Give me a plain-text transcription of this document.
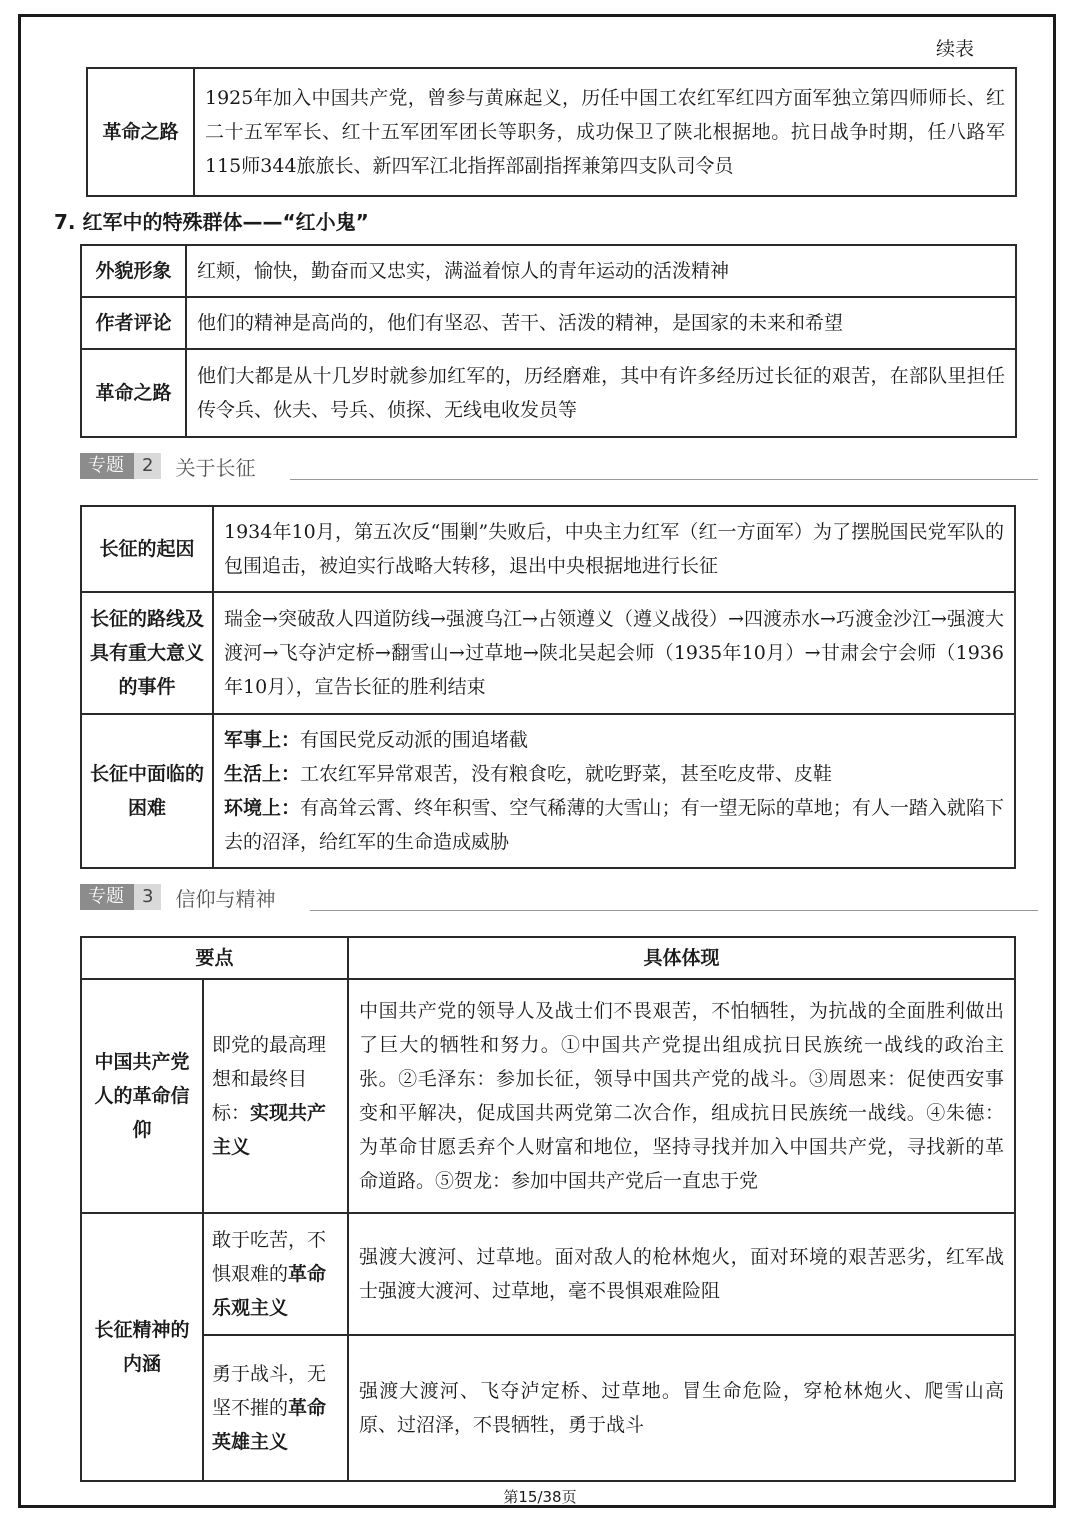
续表
革命之路	1925年加入中国共产党，曾参与黄麻起义，历任中国工农红军红四方面军独立第四师师长、红二十五军军长、红十五军团军团长等职务，成功保卫了陕北根据地。抗日战争时期，任八路军115师344旅旅长、新四军江北指挥部副指挥兼第四支队司令员
7. 红军中的特殊群体——“红小鬼”
外貌形象	红颊，愉快，勤奋而又忠实，满溢着惊人的青年运动的活泼精神
作者评论	他们的精神是高尚的，他们有坚忍、苦干、活泼的精神，是国家的未来和希望
革命之路	他们大都是从十几岁时就参加红军的，历经磨难，其中有许多经历过长征的艰苦，在部队里担任传令兵、伙夫、号兵、侦探、无线电收发员等
专题	2	关于长征
长征的起因	1934年10月，第五次反“围剿”失败后，中央主力红军（红一方面军）为了摆脱国民党军队的包围追击，被迫实行战略大转移，退出中央根据地进行长征
长征的路线及具有重大意义的事件	瑞金→突破敌人四道防线→强渡乌江→占领遵义（遵义战役）→四渡赤水→巧渡金沙江→强渡大渡河→飞夺泸定桥→翻雪山→过草地→陕北吴起会师（1935年10月）→甘肃会宁会师（1936年10月），宣告长征的胜利结束
长征中面临的困难	军事上：有国民党反动派的围追堵截
生活上：工农红军异常艰苦，没有粮食吃，就吃野菜，甚至吃皮带、皮鞋
环境上：有高耸云霄、终年积雪、空气稀薄的大雪山；有一望无际的草地；有人一踏入就陷下去的沼泽，给红军的生命造成威胁
专题	3	信仰与精神
要点		具体体现
中国共产党人的革命信仰	即党的最高理想和最终目标：实现共产主义	中国共产党的领导人及战士们不畏艰苦，不怕牺牲，为抗战的全面胜利做出了巨大的牺牲和努力。①中国共产党提出组成抗日民族统一战线的政治主张。②毛泽东：参加长征，领导中国共产党的战斗。③周恩来：促使西安事变和平解决，促成国共两党第二次合作，组成抗日民族统一战线。④朱德：为革命甘愿丢弃个人财富和地位，坚持寻找并加入中国共产党，寻找新的革命道路。⑤贺龙：参加中国共产党后一直忠于党
长征精神的内涵	敢于吃苦，不惧艰难的革命乐观主义	强渡大渡河、过草地。面对敌人的枪林炮火，面对环境的艰苦恶劣，红军战士强渡大渡河、过草地，毫不畏惧艰难险阻
	勇于战斗，无坚不摧的革命英雄主义	强渡大渡河、飞夺泸定桥、过草地。冒生命危险，穿枪林炮火、爬雪山高原、过沼泽，不畏牺牲，勇于战斗
第15/38页
